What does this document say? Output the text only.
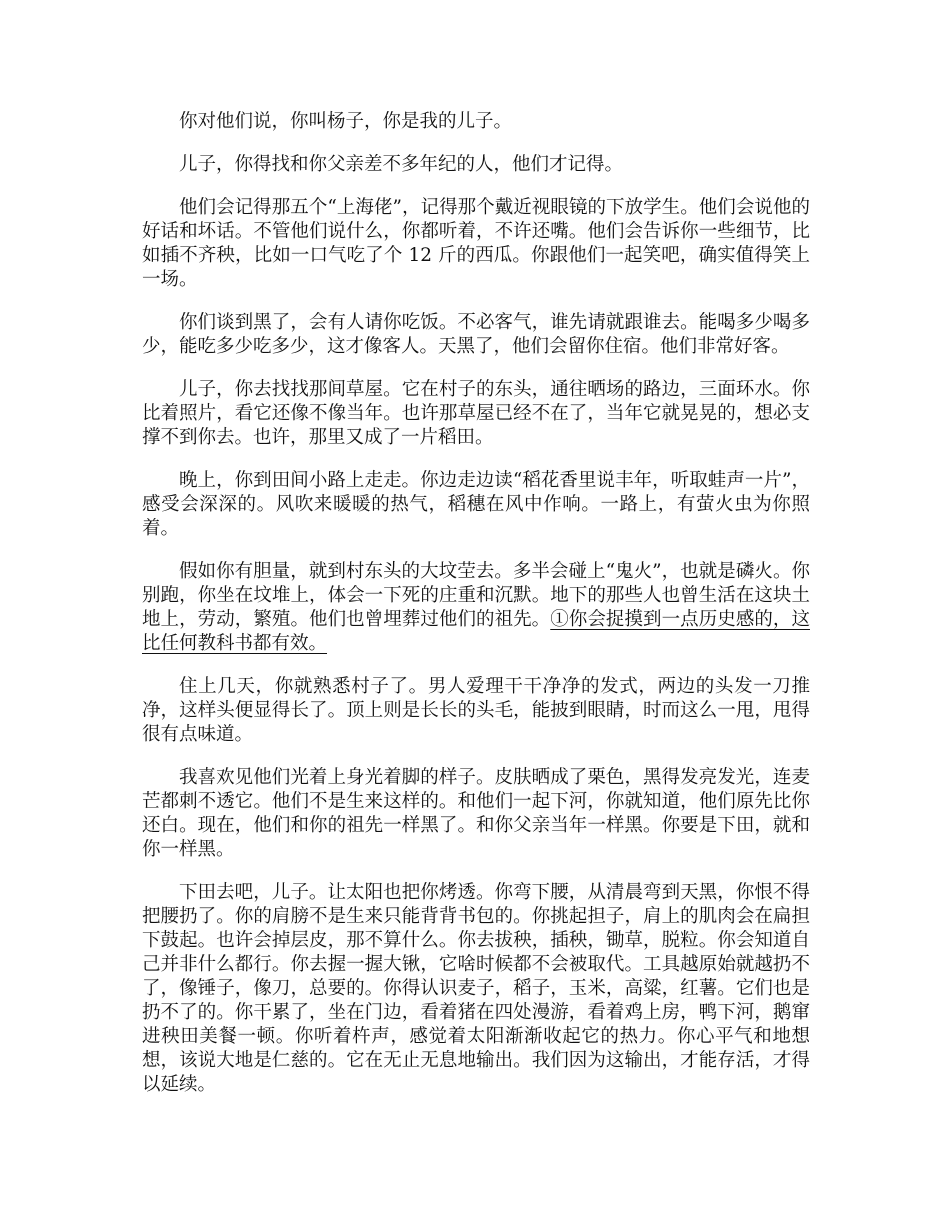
你对他们说，你叫杨子，你是我的儿子。

儿子，你得找和你父亲差不多年纪的人，他们才记得。

他们会记得那五个“上海佬”，记得那个戴近视眼镜的下放学生。他们会说他的好话和坏话。不管他们说什么，你都听着，不许还嘴。他们会告诉你一些细节，比如插不齐秧，比如一口气吃了个 12 斤的西瓜。你跟他们一起笑吧，确实值得笑上一场。

你们谈到黑了，会有人请你吃饭。不必客气，谁先请就跟谁去。能喝多少喝多少，能吃多少吃多少，这才像客人。天黑了，他们会留你住宿。他们非常好客。

儿子，你去找找那间草屋。它在村子的东头，通往晒场的路边，三面环水。你比着照片，看它还像不像当年。也许那草屋已经不在了，当年它就晃晃的，想必支撑不到你去。也许，那里又成了一片稻田。

晚上，你到田间小路上走走。你边走边读“稻花香里说丰年，听取蛙声一片”，感受会深深的。风吹来暖暖的热气，稻穗在风中作响。一路上，有萤火虫为你照着。

假如你有胆量，就到村东头的大坟茔去。多半会碰上“鬼火”，也就是磷火。你别跑，你坐在坟堆上，体会一下死的庄重和沉默。地下的那些人也曾生活在这块土地上，劳动，繁殖。他们也曾埋葬过他们的祖先。①你会捉摸到一点历史感的，这比任何教科书都有效。

住上几天，你就熟悉村子了。男人爱理干干净净的发式，两边的头发一刀推净，这样头便显得长了。顶上则是长长的头毛，能披到眼睛，时而这么一甩，甩得很有点味道。

我喜欢见他们光着上身光着脚的样子。皮肤晒成了栗色，黑得发亮发光，连麦芒都刺不透它。他们不是生来这样的。和他们一起下河，你就知道，他们原先比你还白。现在，他们和你的祖先一样黑了。和你父亲当年一样黑。你要是下田，就和你一样黑。

下田去吧，儿子。让太阳也把你烤透。你弯下腰，从清晨弯到天黑，你恨不得把腰扔了。你的肩膀不是生来只能背背书包的。你挑起担子，肩上的肌肉会在扁担下鼓起。也许会掉层皮，那不算什么。你去拔秧，插秧，锄草，脱粒。你会知道自己并非什么都行。你去握一握大锹，它啥时候都不会被取代。工具越原始就越扔不了，像锤子，像刀，总要的。你得认识麦子，稻子，玉米，高粱，红薯。它们也是扔不了的。你干累了，坐在门边，看着猪在四处漫游，看着鸡上房，鸭下河，鹅窜进秧田美餐一顿。你听着杵声，感觉着太阳渐渐收起它的热力。你心平气和地想想，该说大地是仁慈的。它在无止无息地输出。我们因为这输出，才能存活，才得以延续。
